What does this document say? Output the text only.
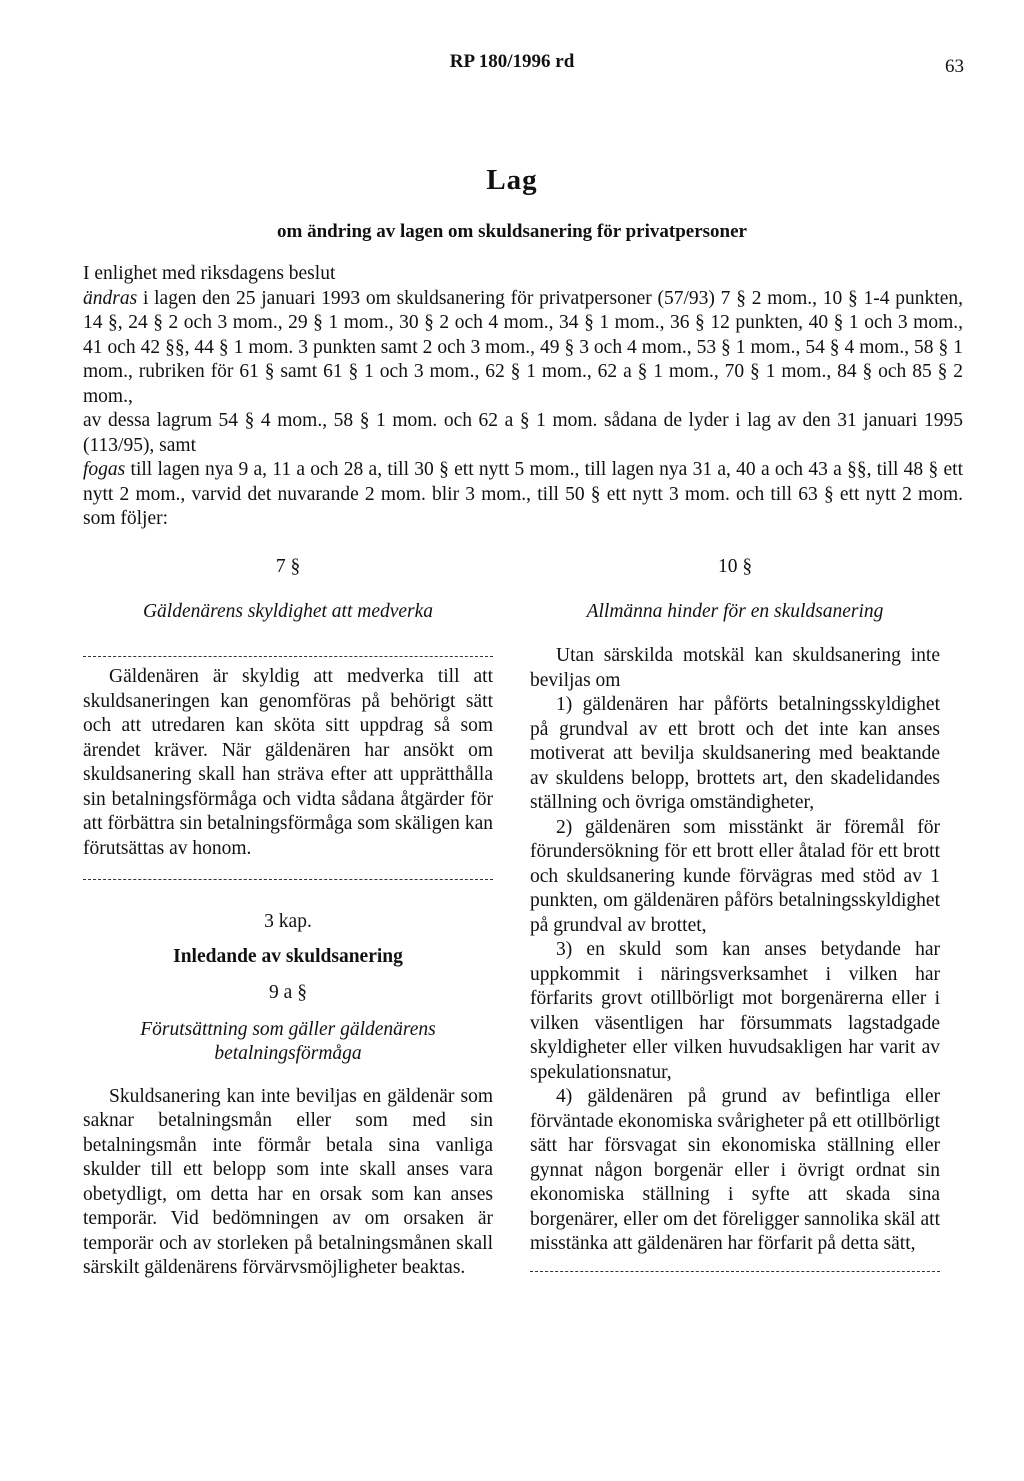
RP 180/1996 rd	63
Lag
om ändring av lagen om skuldsanering för privatpersoner

I enlighet med riksdagens beslut

ändras i lagen den 25 januari 1993 om skuldsanering för privatpersoner (57/93) 7 § 2 mom., 10 § 1-4 punkten, 14 §, 24 § 2 och 3 mom., 29 § 1 mom., 30 § 2 och 4 mom., 34 § 1 mom., 36 § 12 punkten, 40 § 1 och 3 mom., 41 och 42 §§, 44 § 1 mom. 3 punkten samt 2 och 3 mom., 49 § 3 och 4 mom., 53 § 1 mom., 54 § 4 mom., 58 § 1 mom., rubriken för 61 § samt 61 § 1 och 3 mom., 62 § 1 mom., 62 a § 1 mom., 70 § 1 mom., 84 § och 85 § 2 mom.,

av dessa lagrum 54 § 4 mom., 58 § 1 mom. och 62 a § 1 mom. sådana de lyder i lag av den 31 januari 1995 (113/95), samt

fogas till lagen nya 9 a, 11 a och 28 a, till 30 § ett nytt 5 mom., till lagen nya 31 a, 40 a och 43 a §§, till 48 § ett nytt 2 mom., varvid det nuvarande 2 mom. blir 3 mom., till 50 § ett nytt 3 mom. och till 63 § ett nytt 2 mom. som följer:

7 §

Gäldenärens skyldighet att medverka

Gäldenären är skyldig att medverka till att skuldsaneringen kan genomföras på behörigt sätt och att utredaren kan sköta sitt uppdrag så som ärendet kräver. När gäldenären har ansökt om skuldsanering skall han sträva efter att upprätthålla sin betalningsförmåga och vidta sådana åtgärder för att förbättra sin betalningsförmåga som skäligen kan förutsättas av honom.

3 kap.

Inledande av skuldsanering

9 a §

Förutsättning som gäller gäldenärens

betalningsförmåga

Skuldsanering kan inte beviljas en gäldenär som saknar betalningsmån eller som med sin betalningsmån inte förmår betala sina vanliga skulder till ett belopp som inte skall anses vara obetydligt, om detta har en orsak som kan anses temporär. Vid bedömningen av om orsaken är temporär och av storleken på betalningsmånen skall särskilt gäldenärens förvärvsmöjligheter beaktas.

10 §

Allmänna hinder för en skuldsanering

Utan särskilda motskäl kan skuldsanering inte beviljas om

1) gäldenären har påförts betalningsskyldighet på grundval av ett brott och det inte kan anses motiverat att bevilja skuldsanering med beaktande av skuldens belopp, brottets art, den skadelidandes ställning och övriga omständigheter,

2) gäldenären som misstänkt är föremål för förundersökning för ett brott eller åtalad för ett brott och skuldsanering kunde förvägras med stöd av 1 punkten, om gäldenären påförs betalningsskyldighet på grundval av brottet,

3) en skuld som kan anses betydande har uppkommit i näringsverksamhet i vilken har förfarits grovt otillbörligt mot borgenärerna eller i vilken väsentligen har försummats lagstadgade skyldigheter eller vilken huvudsakligen har varit av spekulationsnatur,

4) gäldenären på grund av befintliga eller förväntade ekonomiska svårigheter på ett otillbörligt sätt har försvagat sin ekonomiska ställning eller gynnat någon borgenär eller i övrigt ordnat sin ekonomiska ställning i syfte att skada sina borgenärer, eller om det föreligger sannolika skäl att misstänka att gäldenären har förfarit på detta sätt,
